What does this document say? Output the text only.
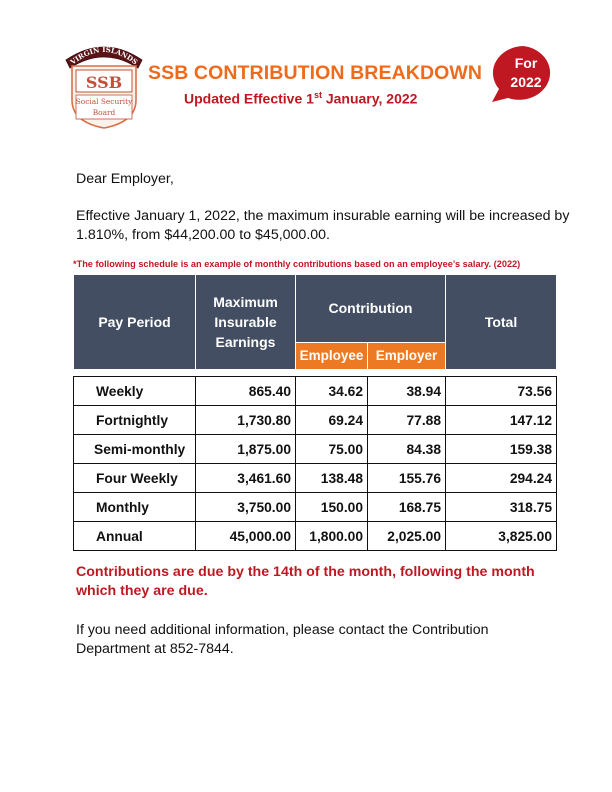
VIRGIN ISLANDS
SSB
Social Security
Board
SSB CONTRIBUTION BREAKDOWN
Updated Effective 1st January, 2022
For
2022

Dear Employer,

Effective January 1, 2022, the maximum insurable earning will be increased by 1.810%, from $44,200.00 to $45,000.00.

*The following schedule is an example of monthly contributions based on an employee’s salary. (2022)
Pay Period	Maximum Insurable Earnings	Contribution		Total
		Employee	Employer	

Weekly	865.40	34.62	38.94	73.56
Fortnightly	1,730.80	69.24	77.88	147.12
Semi-monthly	1,875.00	75.00	84.38	159.38
Four Weekly	3,461.60	138.48	155.76	294.24
Monthly	3,750.00	150.00	168.75	318.75
Annual	45,000.00	1,800.00	2,025.00	3,825.00

Contributions are due by the 14th of the month, following the month which they are due.

If you need additional information, please contact the Contribution Department at 852-7844.
